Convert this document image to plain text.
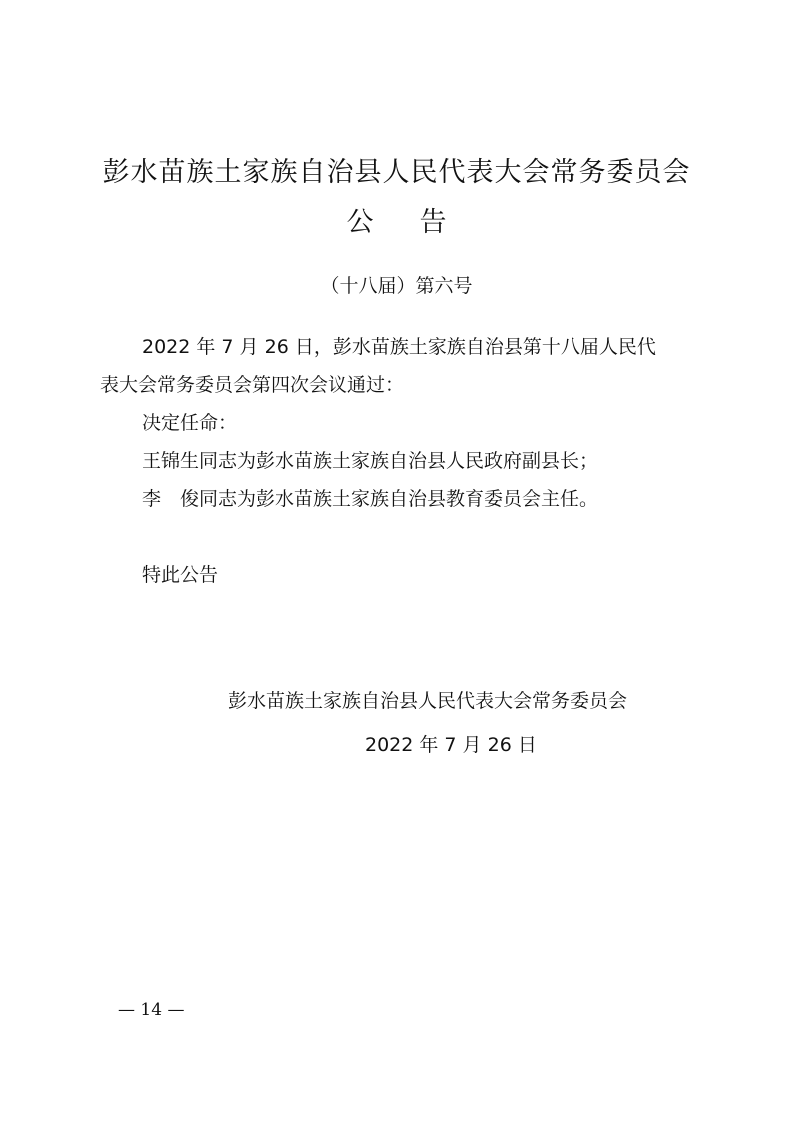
彭水苗族土家族自治县人民代表大会常务委员会
公 告
（十八届）第六号
2022 年 7 月 26 日，彭水苗族土家族自治县第十八届人民代
表大会常务委员会第四次会议通过：
决定任命：
王锦生同志为彭水苗族土家族自治县人民政府副县长；
李　俊同志为彭水苗族土家族自治县教育委员会主任。
特此公告
彭水苗族土家族自治县人民代表大会常务委员会
2022 年 7 月 26 日
— 14 —
